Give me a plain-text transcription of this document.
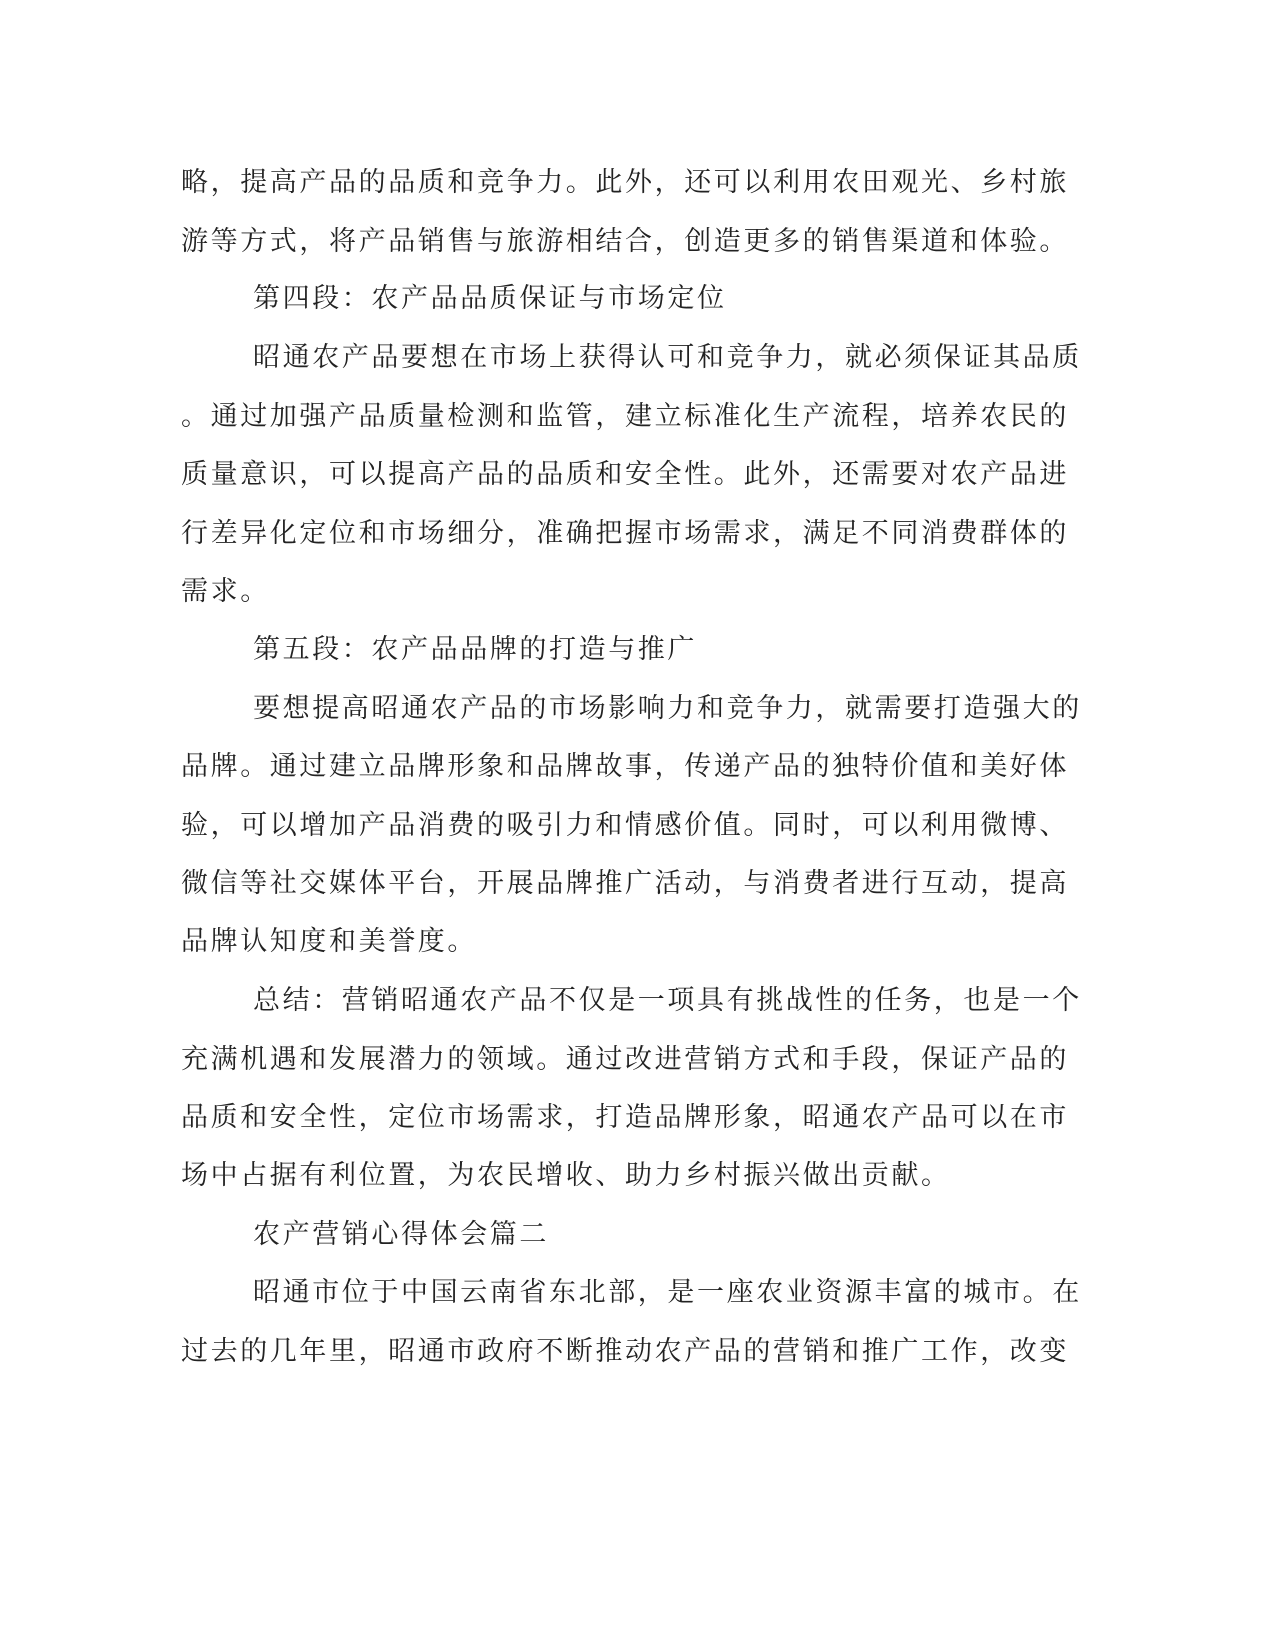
略，提高产品的品质和竞争力。此外，还可以利用农田观光、乡村旅
游等方式，将产品销售与旅游相结合，创造更多的销售渠道和体验。
第四段：农产品品质保证与市场定位
昭通农产品要想在市场上获得认可和竞争力，就必须保证其品质
。通过加强产品质量检测和监管，建立标准化生产流程，培养农民的
质量意识，可以提高产品的品质和安全性。此外，还需要对农产品进
行差异化定位和市场细分，准确把握市场需求，满足不同消费群体的
需求。
第五段：农产品品牌的打造与推广
要想提高昭通农产品的市场影响力和竞争力，就需要打造强大的
品牌。通过建立品牌形象和品牌故事，传递产品的独特价值和美好体
验，可以增加产品消费的吸引力和情感价值。同时，可以利用微博、
微信等社交媒体平台，开展品牌推广活动，与消费者进行互动，提高
品牌认知度和美誉度。
总结：营销昭通农产品不仅是一项具有挑战性的任务，也是一个
充满机遇和发展潜力的领域。通过改进营销方式和手段，保证产品的
品质和安全性，定位市场需求，打造品牌形象，昭通农产品可以在市
场中占据有利位置，为农民增收、助力乡村振兴做出贡献。
农产营销心得体会篇二
昭通市位于中国云南省东北部，是一座农业资源丰富的城市。在
过去的几年里，昭通市政府不断推动农产品的营销和推广工作，改变
